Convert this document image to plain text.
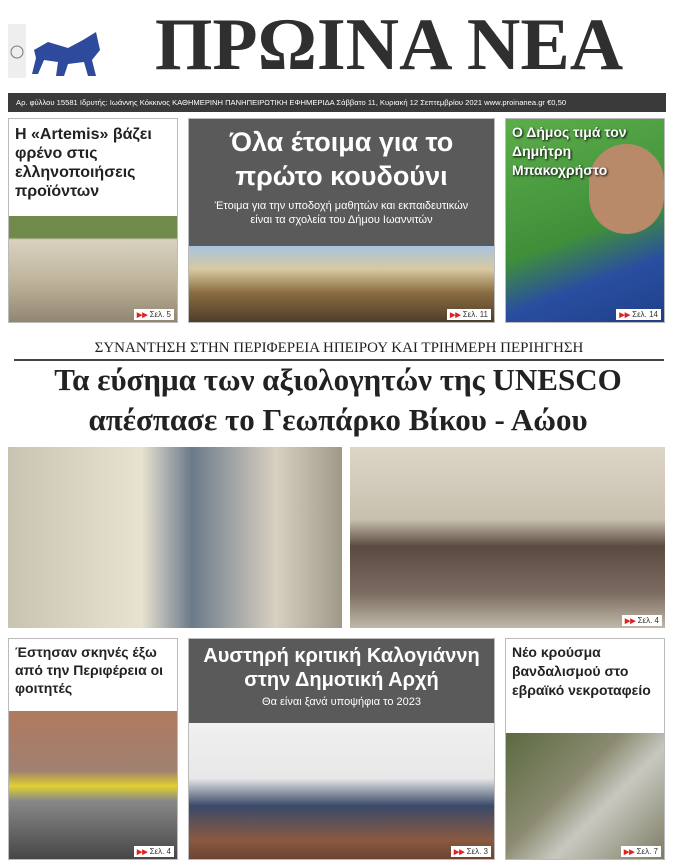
ΠΡΩΙΝΑ ΝΕΑ
Αρ. φύλλου 15581 Ιδρυτής: Ιωάννης Κόκκινος ΚΑΘΗΜΕΡΙΝΗ ΠΑΝΗΠΕΙΡΩΤΙΚΗ ΕΦΗΜΕΡΙΔΑ Σάββατο 11, Κυριακή 12 Σεπτεμβρίου 2021 www.proinanea.gr €0,50
Η «Artemis» βάζει φρένο στις ελληνοποιήσεις προϊόντων
▶▶ Σελ. 5
Όλα έτοιμα για το πρώτο κουδούνι
Έτοιμα για την υποδοχή μαθητών και εκπαιδευτικών είναι τα σχολεία του Δήμου Ιωαννιτών
▶▶ Σελ. 11
Ο Δήμος τιμά τον Δημήτρη Μπακοχρήστο
▶▶ Σελ. 14
ΣΥΝΑΝΤΗΣΗ ΣΤΗΝ ΠΕΡΙΦΕΡΕΙΑ ΗΠΕΙΡΟΥ ΚΑΙ ΤΡΙΗΜΕΡΗ ΠΕΡΙΗΓΗΣΗ
Τα εύσημα των αξιολογητών της UNESCO
απέσπασε το Γεωπάρκο Βίκου - Αώου
▶▶ Σελ. 4
Έστησαν σκηνές έξω από την Περιφέρεια οι φοιτητές
▶▶ Σελ. 4
Αυστηρή κριτική Καλογιάννη στην Δημοτική Αρχή
Θα είναι ξανά υποψήφια το 2023
▶▶ Σελ. 3
Νέο κρούσμα βανδαλισμού στο εβραϊκό νεκροταφείο
▶▶ Σελ. 7
